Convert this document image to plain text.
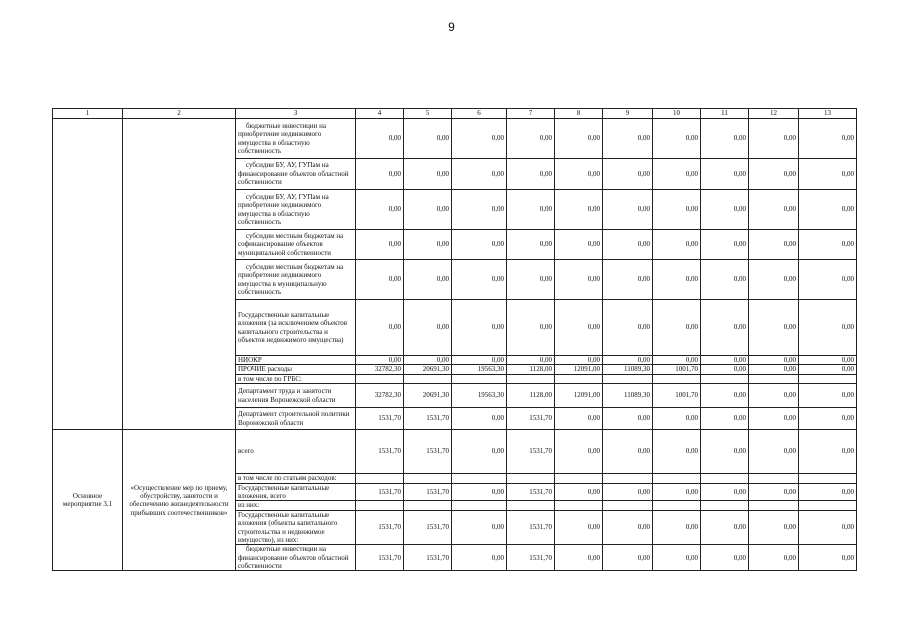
9
1	2	3	4	5	6	7	8	9	10	11	12	13
		бюджетные инвестиции на приобретение недвижимого имущества в областную собственность	0,00	0,00	0,00	0,00	0,00	0,00	0,00	0,00	0,00	0,00
		субсидии БУ, АУ, ГУПам на финансирование объектов областной собственности	0,00	0,00	0,00	0,00	0,00	0,00	0,00	0,00	0,00	0,00
		субсидии БУ, АУ, ГУПам на приобретение недвижимого имущества в областную собственность	0,00	0,00	0,00	0,00	0,00	0,00	0,00	0,00	0,00	0,00
		субсидии местным бюджетам на софинансирование объектов муниципальной собственности	0,00	0,00	0,00	0,00	0,00	0,00	0,00	0,00	0,00	0,00
		субсидии местным бюджетам на приобретение недвижимого имущества в муниципальную собственность	0,00	0,00	0,00	0,00	0,00	0,00	0,00	0,00	0,00	0,00
		Государственные капитальные вложения (за исключением объектов капитального строительства и объектов недвижимого имущества)	0,00	0,00	0,00	0,00	0,00	0,00	0,00	0,00	0,00	0,00
		НИОКР	0,00	0,00	0,00	0,00	0,00	0,00	0,00	0,00	0,00	0,00
		ПРОЧИЕ расходы	32782,30	20691,30	19563,30	1128,00	12091,00	11089,30	1001,70	0,00	0,00	0,00
		в том числе по ГРБС:										
		Департамент труда и занятости населения Воронежской области	32782,30	20691,30	19563,30	1128,00	12091,00	11089,30	1001,70	0,00	0,00	0,00
		Департамент строительной политики Воронежской области	1531,70	1531,70	0,00	1531,70	0,00	0,00	0,00	0,00	0,00	0,00
Основное мероприятие 3.1	«Осуществление мер по приему, обустройству, занятости и обеспечению жизнедеятельности прибывших соотечественников»	всего	1531,70	1531,70	0,00	1531,70	0,00	0,00	0,00	0,00	0,00	0,00
		в том числе по статьям расходов:										
		Государственные капитальные вложения, всего	1531,70	1531,70	0,00	1531,70	0,00	0,00	0,00	0,00	0,00	0,00
		из них:										
		Государственные капитальные вложения (объекты капитального строительства и недвижимое имущество), из них:	1531,70	1531,70	0,00	1531,70	0,00	0,00	0,00	0,00	0,00	0,00
		бюджетные инвестиции на финансирование объектов областной собственности	1531,70	1531,70	0,00	1531,70	0,00	0,00	0,00	0,00	0,00	0,00
